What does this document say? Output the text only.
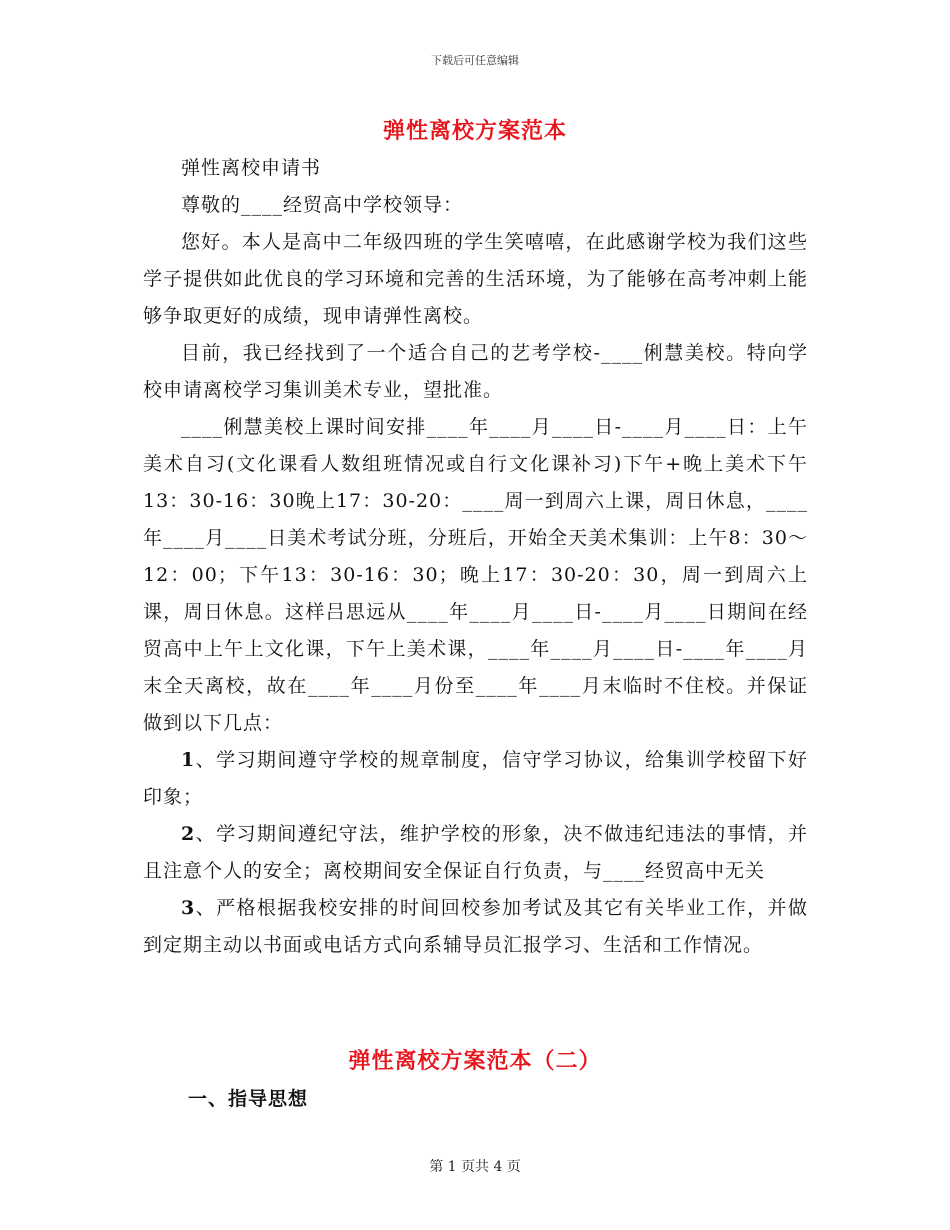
下载后可任意编辑
弹性离校方案范本

弹性离校申请书

尊敬的____经贸高中学校领导：

您好。本人是高中二年级四班的学生笑嘻嘻，在此感谢学校为我们这些学子提供如此优良的学习环境和完善的生活环境，为了能够在高考冲刺上能够争取更好的成绩，现申请弹性离校。

目前，我已经找到了一个适合自己的艺考学校-____俐慧美校。特向学校申请离校学习集训美术专业，望批准。

____俐慧美校上课时间安排____年____月____日-____月____日：上午美术自习(文化课看人数组班情况或自行文化课补习)下午+晚上美术下午13：30-16：30晚上17：30-20：____周一到周六上课，周日休息，____年____月____日美术考试分班，分班后，开始全天美术集训：上午8：30～12：00；下午13：30-16：30；晚上17：30-20：30，周一到周六上课，周日休息。这样吕思远从____年____月____日-____月____日期间在经贸高中上午上文化课，下午上美术课，____年____月____日-____年____月末全天离校，故在____年____月份至____年____月末临时不住校。并保证做到以下几点：

1、学习期间遵守学校的规章制度，信守学习协议，给集训学校留下好印象；

2、学习期间遵纪守法，维护学校的形象，决不做违纪违法的事情，并且注意个人的安全；离校期间安全保证自行负责，与____经贸高中无关

3、严格根据我校安排的时间回校参加考试及其它有关毕业工作，并做到定期主动以书面或电话方式向系辅导员汇报学习、生活和工作情况。

弹性离校方案范本（二）
一、指导思想
第 1 页共 4 页
